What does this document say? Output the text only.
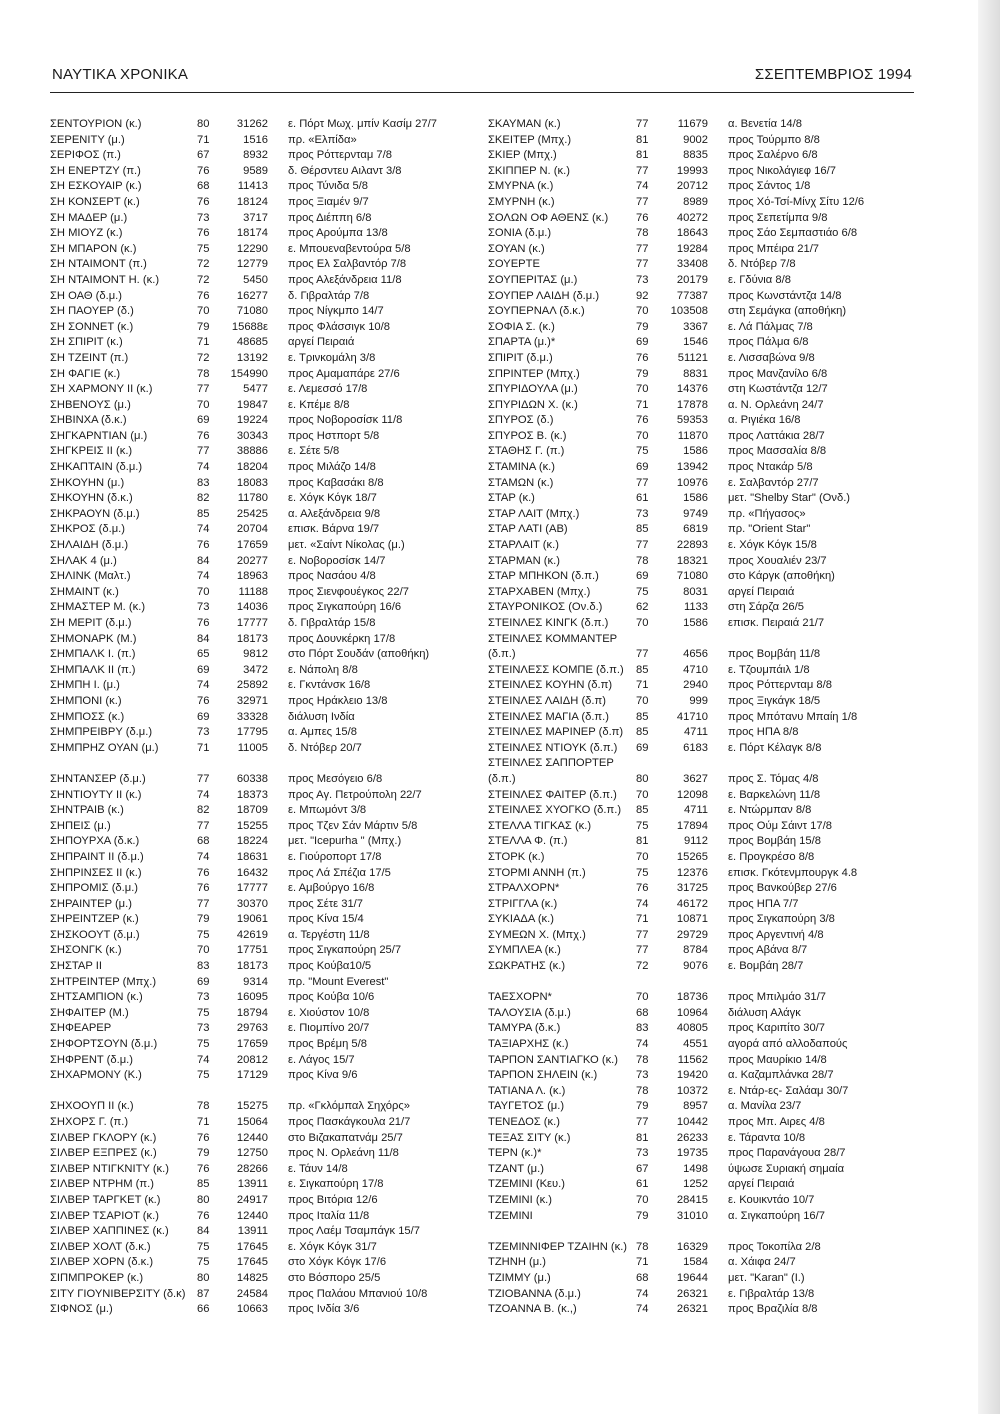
ΝΑΥΤΙΚΑ ΧΡΟΝΙΚΑ	ΣΣΕΠΤΕΜΒΡΙΟΣ 1994
ΣΕΝΤΟΥΡΙΟΝ (κ.)	80	31262 ε. Πόρτ Μωχ. μπίν Κασίμ 27/7
ΣΕΡΕΝΙΤΥ (μ.)	71	1516 πρ. «Ελπίδα»
ΣΕΡΙΦΟΣ (π.)	67	8932 προς Ρόττερνταμ 7/8
ΣΗ ΕΝΕΡΤΖΥ (π.)	76	9589 δ. Θέρσντευ Αιλαντ 3/8
ΣΗ ΕΣΚΟΥΑΙΡ (κ.)	68	11413 προς Τύνιδα 5/8
ΣΗ ΚΟΝΣΕΡΤ (κ.)	76	18124 προς Ξιαμέν 9/7
ΣΗ ΜΑΔΕΡ (μ.)	73	3717 προς Διέππη 6/8
ΣΗ ΜΙΟΥΖ (κ.)	76	18174 προς Αρούμπα 13/8
ΣΗ ΜΠΑΡΟΝ (κ.)	75	12290 ε. Μπουεναβεντούρα 5/8
ΣΗ ΝΤΑΙΜΟΝΤ (π.)	72	12779 προς Ελ Σαλβαντόρ 7/8
ΣΗ ΝΤΑΙΜΟΝΤ Η. (κ.)	72	5450 προς Αλεξάνδρεια 11/8
ΣΗ ΟΑΘ (δ.μ.)	76	16277 δ. Γιβραλτάρ 7/8
ΣΗ ΠΑΟΥΕΡ (δ.)	70	71080 προς Νίγκμπο 14/7
ΣΗ ΣΟΝΝΕΤ (κ.)	79	15688ε προς Φλάσσιγκ 10/8
ΣΗ ΣΠΙΡΙΤ (κ.)	71	48685 αργεί Πειραιά
ΣΗ ΤΖΕΙΝΤ (π.)	72	13192 ε. Τρινκομάλη 3/8
ΣΗ ΦΑΓΙΕ (κ.)	78	154990 προς Αμαμαπάρε 27/6
ΣΗ ΧΑΡΜΟΝΥ ΙΙ (κ.)	77	5477 ε. Λεμεσσό 17/8
ΣΗΒΕΝΟΥΣ (μ.)	70	19847 ε. Κπέμε 8/8
ΣΗΒΙΝΧΑ (δ.κ.)	69	19224 προς Νοβοροσίσκ 11/8
ΣΗΓΚΑΡΝΤΙΑΝ (μ.)	76	30343 προς Ηστπορτ 5/8
ΣΗΓΚΡΕΙΣ ΙΙ (κ.)	77	38886 ε. Σέτε 5/8
ΣΗΚΑΠΤΑΙΝ (δ.μ.)	74	18204 προς Μιλάζο 14/8
ΣΗΚΟΥΗΝ (μ.)	83	18083 προς Καβασάκι 8/8
ΣΗΚΟΥΗΝ (δ.κ.)	82	11780 ε. Χόγκ Κόγκ 18/7
ΣΗΚΡΑΟΥΝ (δ.μ.)	85	25425 α. Αλεξάνδρεια 9/8
ΣΗΚΡΟΣ (δ.μ.)	74	20704 επισκ. Βάρνα 19/7
ΣΗΛΑΙΔΗ (δ.μ.)	76	17659 μετ. «Σαίντ Νίκολας (μ.)
ΣΗΛΑΚ 4 (μ.)	84	20277 ε. Νοβοροσίσκ 14/7
ΣΗΛΙΝΚ (Μαλτ.)	74	18963 προς Νασάου 4/8
ΣΗΜΑΙΝΤ (κ.)	70	11188 προς Σιενφουέγκος 22/7
ΣΗΜΑΣΤΕΡ Μ. (κ.)	73	14036 προς Σιγκαπούρη 16/6
ΣΗ ΜΕΡΙΤ (δ.μ.)	76	17777 δ. Γιβραλτάρ 15/8
ΣΗΜΟΝΑΡΚ (Μ.)	84	18173 προς Δουνκέρκη 17/8
ΣΗΜΠΑΛΚ Ι. (π.)	65	9812 στο Πόρτ Σουδάν (αποθήκη)
ΣΗΜΠΑΛΚ ΙΙ (π.)	69	3472 ε. Νάπολη 8/8
ΣΗΜΠΗ Ι. (μ.)	74	25892 ε. Γκντάνσκ 16/8
ΣΗΜΠΟΝΙ (κ.)	76	32971 προς Ηράκλειο 13/8
ΣΗΜΠΟΣΣ (κ.)	69	33328 διάλυση Ινδία
ΣΗΜΠΡΕΙΒΡΥ (δ.μ.)	73	17795 α. Αμπες 15/8
ΣΗΜΠΡΗΖ ΟΥΑΝ (μ.)	71	11005 δ. Ντόβερ 20/7
ΣΗΝΤΑΝΣΕΡ (δ.μ.)	77	60338 προς Μεσόγειο 6/8
ΣΗΝΤΙΟΥΤΥ ΙΙ (κ.)	74	18373 προς Αγ. Πετρούπολη 22/7
ΣΗΝΤΡΑΙΒ (κ.)	82	18709 ε. Μπωμόντ 3/8
ΣΗΠΕΙΣ (μ.)	77	15255 προς Τζεν Σάν Μάρτιν 5/8
ΣΗΠΟΥΡΧΑ (δ.κ.)	68	18224 μετ. "Icepurha " (Μπχ.)
ΣΗΠΡΑΙΝΤ ΙΙ (δ.μ.)	74	18631 ε. Γιούροπορτ 17/8
ΣΗΠΡΙΝΣΕΣ ΙΙ (κ.)	76	16432 προς Λά Σπέζια 17/5
ΣΗΠΡΟΜΙΣ (δ.μ.)	76	17777 ε. Αμβούργο 16/8
ΣΗΡΑΙΝΤΕΡ (μ.)	77	30370 προς Σέτε 31/7
ΣΗΡΕΙΝΤΖΕΡ (κ.)	79	19061 προς Κίνα 15/4
ΣΗΣΚΟΟΥΤ (δ.μ.)	75	42619 α. Τεργέστη 11/8
ΣΗΣΟΝΓΚ (κ.)	70	17751 προς Σιγκαπούρη 25/7
ΣΗΣΤΑΡ ΙΙ	83	18173 προς Κούβα10/5
ΣΗΤΡΕΙΝΤΕΡ (Μπχ.)	69	9314 πρ. "Mount Everest"
ΣΗΤΣΑΜΠΙΟΝ (κ.)	73	16095 προς Κούβα 10/6
ΣΗΦΑΙΤΕΡ (Μ.)	75	18794 ε. Χιούστον 10/8
ΣΗΦΕΑΡΕΡ	73	29763 ε. Πιομπίνο 20/7
ΣΗΦΟΡΤΣΟΥΝ (δ.μ.)	75	17659 προς Βρέμη 5/8
ΣΗΦΡΕΝΤ (δ.μ.)	74	20812 ε. Λάγος 15/7
ΣΗΧΑΡΜΟΝΥ (Κ.)	75	17129 προς Κίνα 9/6
ΣΗΧΟΟΥΠ ΙΙ (κ.)	78	15275 πρ. «Γκλόμπαλ Σηχόρς»
ΣΗΧΟΡΣ Γ. (π.)	71	15064 προς Πασκάγκουλα 21/7
ΣΙΛΒΕΡ ΓΚΛΟΡΥ (κ.)	76	12440 στο Βιζακαπατνάμ 25/7
ΣΙΛΒΕΡ ΕΞΠΡΕΣ (κ.)	79	12750 προς Ν. Ορλεάνη 11/8
ΣΙΛΒΕΡ ΝΤΙΓΚΝΙΤΥ (κ.)	76	28266 ε. Τάυν 14/8
ΣΙΛΒΕΡ ΝΤΡΗΜ (π.)	85	13911 ε. Σιγκαπούρη 17/8
ΣΙΛΒΕΡ ΤΑΡΓΚΕΤ (κ.)	80	24917 προς Βιτόρια 12/6
ΣΙΛΒΕΡ ΤΣΑΡΙΟΤ (κ.)	76	12440 προς Ιταλία 11/8
ΣΙΛΒΕΡ ΧΑΠΠΙΝΕΣ (κ.)	84	13911 προς Λαέμ Τσαμπάγκ 15/7
ΣΙΛΒΕΡ ΧΟΛΤ (δ.κ.)	75	17645 ε. Χόγκ Κόγκ 31/7
ΣΙΛΒΕΡ ΧΟΡΝ (δ.κ.)	75	17645 στο Χόγκ Κόγκ 17/6
ΣΙΠΜΠΡΟΚΕΡ (κ.)	80	14825 στο Βόσπορο 25/5
ΣΙΤΥ ΓΙΟΥΝΙΒΕΡΣΙΤΥ (δ.κ) 87	24584 προς Παλάου Μπανιού 10/8
ΣΙΦΝΟΣ (μ.)	66	10663 προς Ινδία 3/6
ΣΚΑΥΜΑΝ (κ.)	77	11679 α. Βενετία 14/8
ΣΚΕΙΤΕΡ (Μπχ.)	81	9002 προς Τούρμπο 8/8
ΣΚΙΕΡ (Μπχ.)	81	8835 προς Σαλέρνο 6/8
ΣΚΙΠΠΕΡ Ν. (κ.)	77	19993 προς Νικολάγιεφ 16/7
ΣΜΥΡΝΑ (κ.)	74	20712 προς Σάντος 1/8
ΣΜΥΡΝΗ (κ.)	77	8989 προς Χό-Τσί-Μίνχ Σίτυ 12/6
ΣΟΛΩΝ ΟΦ ΑΘΕΝΣ (κ.) 76	40272 προς Σεπετίμπα 9/8
ΣΟΝΙΑ (δ.μ.)	78	18643 προς Σάο Σεμπαστιάο 6/8
ΣΟΥΑΝ (κ.)	77	19284 προς Μπέιρα 21/7
ΣΟΥΕΡΤΕ	77	33408 δ. Ντόβερ 7/8
ΣΟΥΠΕΡΙΤΑΣ (μ.)	73	20179 ε. Γδύνια 8/8
ΣΟΥΠΕΡ ΛΑΙΔΗ (δ.μ.)	92	77387 προς Κωνστάντζα 14/8
ΣΟΥΠΕΡΝΑΛ (δ.κ.)	70	103508 στη Σεμάγκα (αποθήκη)
ΣΟΦΙΑ Σ. (κ.)	79	3367 ε. Λά Πάλμας 7/8
ΣΠΑΡΤΑ (μ.)*	69	1546 προς Πάλμα 6/8
ΣΠΙΡΙΤ (δ.μ.)	76	51121 ε. Λισσαβώνα 9/8
ΣΠΡΙΝΤΕΡ (Μπχ.)	79	8831 προς Μανζανίλο 6/8
ΣΠΥΡΙΔΟΥΛΑ (μ.)	70	14376 στη Κωστάντζα 12/7
ΣΠΥΡΙΔΩΝ Χ. (κ.)	71	17878 α. Ν. Ορλεάνη 24/7
ΣΠΥΡΟΣ (δ.)	76	59353 α. Ριγιέκα 16/8
ΣΠΥΡΟΣ Β. (κ.)	70	11870 προς Λαττάκια 28/7
ΣΤΑΘΗΣ Γ. (π.)	75	1586 προς Μασσαλία 8/8
ΣΤΑΜΙΝΑ (κ.)	69	13942 προς Ντακάρ 5/8
ΣΤΑΜΩΝ (κ.)	77	10976 ε. Σαλβαντόρ 27/7
ΣΤΑΡ (κ.)	61	1586 μετ. "Shelby Star" (Ονδ.)
ΣΤΑΡ ΛΑΙΤ (Μπχ.)	73	9749 πρ. «Πήγασος»
ΣΤΑΡ ΛΑΤΙ (ΑΒ)	85	6819 πρ. "Orient Star"
ΣΤΑΡΛΑΙΤ (κ.)	77	22893 ε. Χόγκ Κόγκ 15/8
ΣΤΑΡΜΑΝ (κ.)	78	18321 προς Χουαλιέν 23/7
ΣΤΑΡ ΜΠΗΚΟΝ (δ.π.)	69	71080 στο Κάργκ (αποθήκη)
ΣΤΑΡΧΑΒΕΝ (Μπχ.)	75	8031 αργεί Πειραιά
ΣΤΑΥΡΟΝΙΚΟΣ (Ον.δ.)	62	1133 στη Σάρζα 26/5
ΣΤΕΙΝΛΕΣ ΚΙΝΓΚ (δ.π.) 70	1586 επισκ. Πειραιά 21/7
ΣΤΕΙΝΛΕΣ ΚΟΜΜΑΝΤΕΡ
(δ.π.)	77	4656 προς Βομβάη 11/8
ΣΤΕΙΝΛΕΣΣ ΚΟΜΠΕ (δ.π.) 85	4710 ε. Τζουμπάιλ 1/8
ΣΤΕΙΝΛΕΣ ΚΟΥΗΝ (δ.π) 71	2940 προς Ρόττερνταμ 8/8
ΣΤΕΙΝΛΕΣ ΛΑΙΔΗ (δ.π)	70	999 προς Ξιγκάγκ 18/5
ΣΤΕΙΝΛΕΣ ΜΑΓΙΑ (δ.π.) 85	41710 προς Μπόтανυ Μπαίη 1/8
ΣΤΕΙΝΛΕΣ ΜΑΡΙΝΕΡ (δ.π) 85	4711 προς ΗΠΑ 8/8
ΣΤΕΙΝΛΕΣ ΝΤΙΟΥΚ (δ.π.) 69	6183 ε. Πόρτ Κέλαγκ 8/8
ΣΤΕΙΝΛΕΣ ΣΑΠΠΟΡΤΕΡ
(δ.π.)	80	3627 προς Σ. Τόμας 4/8
ΣΤΕΙΝΛΕΣ ΦΑΙΤΕΡ (δ.π.) 70	12098 ε. Βαρκελώνη 11/8
ΣΤΕΙΝΛΕΣ ΧΥΟΓΚΟ (δ.π.) 85	4711 ε. Ντώρμπαν 8/8
ΣΤΕΛΛΑ ΤΙΓΚΑΣ (κ.)	75	17894 προς Ούμ Σάιντ 17/8
ΣΤΕΛΛΑ Φ. (π.)	81	9112 προς Βομβάη 15/8
ΣΤΟΡΚ (κ.)	70	15265 ε. Προγκρέσο 8/8
ΣΤΟΡΜΙ ΑΝΝΗ (π.)	75	12376 επισκ. Γκότενμπουργκ 4.8
ΣΤΡΑΛΧΟΡΝ*	76	31725 προς Βανκούβερ 27/6
ΣΤΡΙΓΓΛΑ (κ.)	74	46172 προς ΗΠΑ 7/7
ΣΥΚΙΑΔΑ (κ.)	71	10871 προς Σιγκαπούρη 3/8
ΣΥΜΕΩΝ Χ. (Μπχ.)	77	29729 προς Αργεντινή 4/8
ΣΥΜΠΛΕΑ (κ.)	77	8784 προς Αβάνα 8/7
ΣΩΚΡΑΤΗΣ (κ.)	72	9076 ε. Βομβάη 28/7
ΤΑΕΣΧΟΡΝ*	70	18736 προς Μπιλμάο 31/7
ΤΑΛΟΥΣΙΑ (δ.μ.)	68	10964 διάλυση Αλάγκ
ΤΑΜΥΡΑ (δ.κ.)	83	40805 προς Καριπίτο 30/7
ΤΑΞΙΑΡΧΗΣ (κ.)	74	4551 αγορά από αλλοδαπούς
ΤΑΡΠΟΝ ΣΑΝΤΙΑΓΚΟ (κ.) 78	11562 προς Μαυρίκιο 14/8
ΤΑΡΠΟΝ ΣΗΛΕΙΝ (κ.)	73	19420 α. Καζαμπλάνκα 28/7
ΤΑΤΙΑΝΑ Λ. (κ.)	78	10372 ε. Ντάρ-ες- Σαλάαμ 30/7
ΤΑΥΓΕΤΟΣ (μ.)	79	8957 α. Μανίλα 23/7
ΤΕΝΕΔΟΣ (κ.)	77	10442 προς Μπ. Αιρες 4/8
ΤΕΞΑΣ ΣΙΤΥ (κ.)	81	26233 ε. Τάραντα 10/8
ΤΕΡΝ (κ.)*	73	19735 προς Παρανάγουα 28/7
ΤΖΑΝΤ (μ.)	67	1498 ύψωσε Συριακή σημαία
ΤΖΕΜΙΝΙ (Κευ.)	61	1252 αργεί Πειραιά
ΤΖΕΜΙΝΙ (κ.)	70	28415 ε. Κουικντάο 10/7
ΤΖΕΜΙΝΙ	79	31010 α. Σιγκαπούρη 16/7
ΤΖΕΜΙΝΝΙΦΕΡ ΤΖΑΙΗΝ (κ.) 78	16329 προς Τοκοπίλα 2/8
ΤΖΗΝΗ (μ.)	71	1584 α. Χάιφα 24/7
ΤΖΙΜΜΥ (μ.)	68	19644 μετ. "Karan" (Ι.)
ΤΖΙΟΒΑΝΝΑ (δ.μ.)	74	26321 ε. Γιβραλτάρ 13/8
ΤΖΟΑΝΝΑ Β. (κ.,)	74	26321 προς Βραζιλία 8/8
